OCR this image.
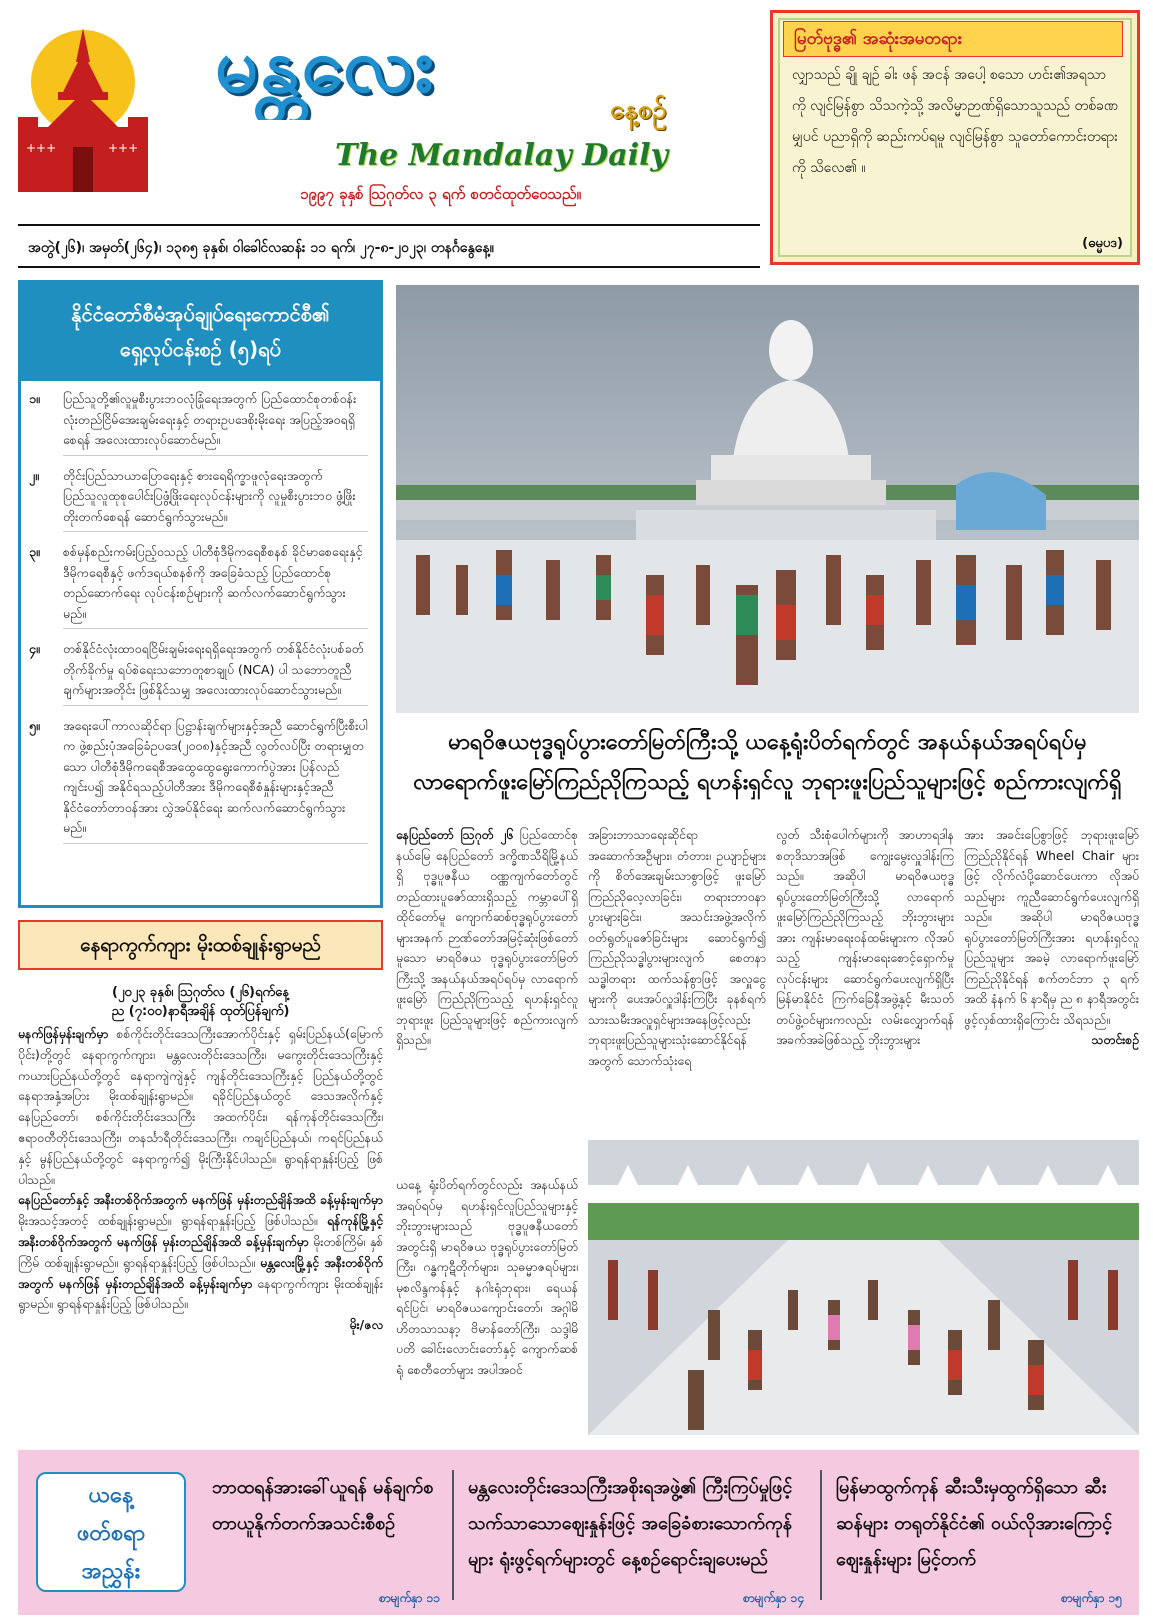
+++	+++
မန္တလေး
နေ့စဉ်
The Mandalay Daily
၁၉၉၇ ခုနှစ် ဩဂုတ်လ ၃ ရက် စတင်ထုတ်ဝေသည်။
လျှာသည် ချို ချဉ် ခါး ဖန် အငန် အပေါ့ စသော ဟင်း၏အရသာကို လျင်မြန်စွာ သိသကဲ့သို့ အလိမ္မာဉာဏ်ရှိသောသူသည် တစ်ခဏမျှပင် ပညာရှိကို ဆည်းကပ်ရမူ လျင်မြန်စွာ သူတော်ကောင်းတရားကို သိလေ၏ ။
မြတ်ဗုဒ္ဓ၏ အဆုံးအမတရား
(ဓမ္မပဒ)
အတွဲ(၂၆)၊ အမှတ်(၂၆၄)၊ ၁၃၈၅ ခုနှစ်၊ ဝါခေါင်လဆန်း ၁၁ ရက်၊ ၂၇-၈-၂၀၂၃၊ တနင်္ဂနွေနေ့။
နိုင်ငံတော်စီမံအုပ်ချုပ်ရေးကောင်စီ၏
ရှေ့လုပ်ငန်းစဉ် (၅)ရပ်
၁။	ပြည်သူတို့၏လူမှုစီးပွားဘဝလုံခြုံရေးအတွက် ပြည်ထောင်စုတစ်ဝန်းလုံးတည်ငြိမ်အေးချမ်းရေးနှင့် တရားဥပဒေစိုးမိုးရေး အပြည့်အဝရရှိစေရန် အလေးထားလုပ်ဆောင်မည်။
၂။	တိုင်းပြည်သာယာပြောရေးနှင့် စားရေရိက္ခာဖူလုံရေးအတွက် ပြည်သူလူထုစုပေါင်းပြဖွံ့ဖြိုးရေးလုပ်ငန်းများကို လူမှုစီးပွားဘဝ ဖွံ့ဖြိုးတိုးတက်စေရန် ဆောင်ရွက်သွားမည်။
၃။	စစ်မှန်စည်းကမ်းပြည့်ဝသည့် ပါတီစုံဒီမိုကရေစီစနစ် ခိုင်မာစေရေးနှင့် ဒီမိုကရေစီနှင့် ဖက်ဒရယ်စနစ်ကို အခြေခံသည့် ပြည်ထောင်စုတည်ဆောက်ရေး လုပ်ငန်းစဉ်များကို ဆက်လက်ဆောင်ရွက်သွားမည်။
၄။	တစ်နိုင်ငံလုံးထာဝရငြိမ်းချမ်းရေးရရှိရေးအတွက် တစ်နိုင်ငံလုံးပစ်ခတ်တိုက်ခိုက်မှု ရပ်စဲရေးသဘောတူစာချုပ် (NCA) ပါ သဘောတူညီချက်များအတိုင်း ဖြစ်နိုင်သမျှ အလေးထားလုပ်ဆောင်သွားမည်။
၅။	အရေးပေါ်ကာလဆိုင်ရာ ပြဋ္ဌာန်းချက်များနှင့်အညီ ဆောင်ရွက်ပြီးစီးပါက ဖွဲ့စည်းပုံအခြေခံဥပဒေ(၂၀၀၈)နှင့်အညီ လွတ်လပ်ပြီး တရားမျှတသော ပါတီစုံဒီမိုကရေစီအထွေထွေရွေးကောက်ပွဲအား ပြန်လည်ကျင်းပ၍ အနိုင်ရသည့်ပါတီအား ဒီမိုကရေစီစံနှုန်းများနှင့်အညီ နိုင်ငံတော်တာဝန်အား လွှဲအပ်နိုင်ရေး ဆက်လက်ဆောင်ရွက်သွားမည်။
နေရာကွက်ကျား မိုးထစ်ချုန်းရွာမည်
(၂၀၂၃ ခုနှစ်၊ ဩဂုတ်လ (၂၆)ရက်နေ့
ည (၇:၀၀)နာရီအချိန် ထုတ်ပြန်ချက်)

မနက်ဖြန်မှန်းချက်မှာ စစ်ကိုင်းတိုင်းဒေသကြီးအောက်ပိုင်းနှင့် ရှမ်းပြည်နယ်(မြောက်ပိုင်း)တို့တွင် နေရာကွက်ကျား၊ မန္တလေးတိုင်းဒေသကြီး၊ မကွေးတိုင်းဒေသကြီးနှင့် ကယားပြည်နယ်တို့တွင် နေရာကျဲကျဲနှင့် ကျန်တိုင်းဒေသကြီးနှင့် ပြည်နယ်တို့တွင် နေရာအနှံ့အပြား မိုးထစ်ချုန်းရွာမည်။ ရခိုင်ပြည်နယ်တွင် ဒေသအလိုက်နှင့် နေပြည်တော်၊ စစ်ကိုင်းတိုင်းဒေသကြီး အထက်ပိုင်း၊ ရန်ကုန်တိုင်းဒေသကြီး၊ ဧရာဝတီတိုင်းဒေသကြီး၊ တနင်္သာရီတိုင်းဒေသကြီး၊ ကချင်ပြည်နယ်၊ ကရင်ပြည်နယ်နှင့် မွန်ပြည်နယ်တို့တွင် နေရာကွက်၍ မိုးကြီးနိုင်ပါသည်။ ရွာရန်ရာနှုန်းပြည့် ဖြစ်ပါသည်။

နေပြည်တော်နှင့် အနီးတစ်ဝိုက်အတွက် မနက်ဖြန် မှန်းတည်ချိန်အထိ ခန့်မှန်းချက်မှာ မိုးအသင့်အတင့် ထစ်ချုန်းရွာမည်။ ရွာရန်ရာနှုန်းပြည့် ဖြစ်ပါသည်။ ရန်ကုန်မြို့နှင့် အနီးတစ်ဝိုက်အတွက် မနက်ဖြန် မှန်းတည်ချိန်အထိ ခန့်မှန်းချက်မှာ မိုးတစ်ကြိမ်၊ နှစ်ကြိမ် ထစ်ချုန်းရွာမည်။ ရွာရန်ရာနှုန်းပြည့် ဖြစ်ပါသည်။ မန္တလေးမြို့နှင့် အနီးတစ်ဝိုက်အတွက် မနက်ဖြန် မှန်းတည်ချိန်အထိ ခန့်မှန်းချက်မှာ နေရာကွက်ကျား မိုးထစ်ချုန်းရွာမည်။ ရွာရန်ရာနှုန်းပြည့် ဖြစ်ပါသည်။

မိုး/ဇလ

မာရဝိဇယဗုဒ္ဓရုပ်ပွားတော်မြတ်ကြီးသို့ ယနေ့ရုံးပိတ်ရက်တွင် အနယ်နယ်အရပ်ရပ်မှ
လာရောက်ဖူးမြော်ကြည်ညိုကြသည့် ရဟန်းရှင်လူ ဘုရားဖူးပြည်သူများဖြင့် စည်ကားလျက်ရှိ
နေပြည်တော် ဩဂုတ် ၂၆ ပြည်ထောင်စုနယ်မြေ နေပြည်တော် ဒက္ခိဏသီရိမြို့နယ်ရှိ ဗုဒ္ဓပူဇနီယ ဝဏ္ဏကျက်တော်တွင် တည်ထားပူဇော်ထားရှိသည့် ကမ္ဘာပေါ်ရှိ ထိုင်တော်မူ ကျောက်ဆစ်ဗုဒ္ဓရုပ်ပွားတော်များအနက် ဉာဏ်တော်အမြင့်ဆုံးဖြစ်တော်မူသော မာရဝိဇယ ဗုဒ္ဓရုပ်ပွားတော်မြတ်ကြီးသို့ အနယ်နယ်အရပ်ရပ်မှ လာရောက်ဖူးမြော် ကြည်ညိုကြသည့် ရဟန်းရှင်လူ ဘုရားဖူး ပြည်သူများဖြင့် စည်ကားလျက်ရှိသည်။
ယနေ့ ရုံးပိတ်ရက်တွင်လည်း အနယ်နယ်အရပ်ရပ်မှ ရဟန်းရှင်လူပြည်သူများနှင့် ဘိုးဘွားများသည် ဗုဒ္ဓပူဇနီယတော်အတွင်းရှိ မာရဝိဇယ ဗုဒ္ဓရုပ်ပွားတော်မြတ်ကြီး၊ ဂန္ဓကုဋီတိုက်များ၊ သုဓမ္မာဇရပ်များ၊ မုစလိန္ဒကန်နှင့် နဂါးရုံဘုရား၊ ရေယန်ရင်ပြင်၊ မာရဝိဇယကျောင်းတော်၊ အဂ္ဂါမိဟိတသာသနာ့ ဗိမာန်တော်ကြီး၊ သဒ္ဒါမိပတိ ခေါင်းလောင်းတော်နှင့် ကျောက်ဆစ်ရုံ စေတီတော်များ အပါအဝင်
အခြားဘာသာရေးဆိုင်ရာ အဆောက်အဦများ၊ တံတား၊ ဥယျာဉ်များကို စိတ်အေးချမ်းသာစွာဖြင့် ဖူးမြော်ကြည်ညိုလေ့လာခြင်း၊ တရားဘာဝနာပွားများခြင်း၊ အသင်းအဖွဲ့အလိုက် ဝတ်ရွတ်ပူဇော်ခြင်းများ ဆောင်ရွက်၍ ကြည်ညိုသဒ္ဓါပွားများလျက် စေတနာသဒ္ဓါတရား ထက်သန်စွာဖြင့် အလှူငွေများကို ပေးအပ်လှူဒါန်းကြပြီး ခုနစ်ရက် သားသမီးအလှူရှင်များအနေဖြင့်လည်း ဘုရားဖူးပြည်သူများသုံးဆောင်နိုင်ရန်အတွက် သောက်သုံးရေ
လွတ် သီးစုံပေါက်များကို အာဟာရဒါန စတုဒိသာအဖြစ် ကျွေးမွေးလှူဒါန်းကြသည်။ အဆိုပါ မာရဝိဇယဗုဒ္ဓရုပ်ပွားတော်မြတ်ကြီးသို့ လာရောက်ဖူးမြော်ကြည်ညိုကြသည့် ဘိုးဘွားများအား ကျန်းမာရေးဝန်ထမ်းများက လိုအပ်သည့် ကျန်းမာရေးစောင့်ရှောက်မှုလုပ်ငန်းများ ဆောင်ရွက်ပေးလျက်ရှိပြီး မြန်မာနိုင်ငံ ကြက်ခြေနီအဖွဲ့နှင့် မီးသတ်တပ်ဖွဲ့ဝင်များကလည်း လမ်းလျှောက်ရန် အခက်အခဲဖြစ်သည့် ဘိုးဘွားများ
အား အခင်းပြေစွာဖြင့် ဘုရားဖူးမြော်ကြည်ညိုနိုင်ရန် Wheel Chair များဖြင့် လိုက်လံပို့ဆောင်ပေးကာ လိုအပ်သည်များ ကူညီဆောင်ရွက်ပေးလျက်ရှိသည်။ အဆိုပါ မာရဝိဇယဗုဒ္ဓရုပ်ပွားတော်မြတ်ကြီးအား ရဟန်းရှင်လူ ပြည်သူများ အခမဲ့ လာရောက်ဖူးမြော်ကြည်ညိုနိုင်ရန် စက်တင်ဘာ ၃ ရက်အထိ နံနက် ၆ နာရီမှ ည ၈ နာရီအတွင်း ဖွင့်လှစ်ထားရှိကြောင်း သိရသည်။
သတင်းစဉ်
ယနေ့
ဖတ်စရာ
အညွှန်း
ဘာထရန်အားခေါ်ယူရန် မန်ချက်စတာယူနိုက်တက်အသင်းစီစဉ်
စာမျက်နှာ ၁၁
မန္တလေးတိုင်းဒေသကြီးအစိုးရအဖွဲ့၏ ကြီးကြပ်မှုဖြင့် သက်သာသောဈေးနှုန်းဖြင့် အခြေခံစားသောက်ကုန်များ ရုံးဖွင့်ရက်များတွင် နေ့စဉ်ရောင်းချပေးမည်
စာမျက်နှာ ၁၄
မြန်မာထွက်ကုန် ဆီးသီးမှထွက်ရှိသော ဆီးဆန်များ တရုတ်နိုင်ငံ၏ ဝယ်လိုအားကြောင့် ဈေးနှုန်းများ မြင့်တက်
စာမျက်နှာ ၁၅
